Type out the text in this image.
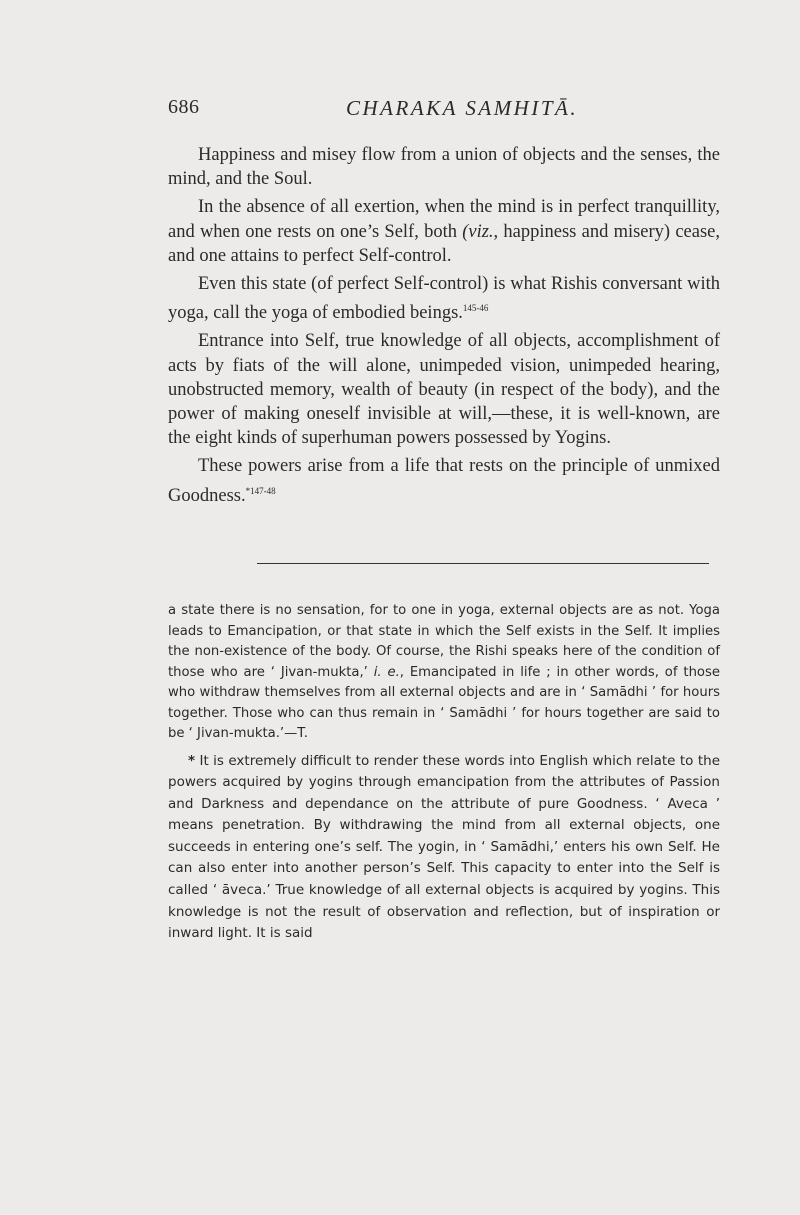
686	CHARAKA SAMHITĀ.

Happiness and misey flow from a union of objects and the senses, the mind, and the Soul.

In the absence of all exertion, when the mind is in perfect tranquillity, and when one rests on one’s Self, both (viz., happiness and misery) cease, and one attains to perfect Self-control.

Even this state (of perfect Self-control) is what Rishis conversant with yoga, call the yoga of embodied beings.$^{145-46}$

Entrance into Self, true knowledge of all objects, accomplishment of acts by fiats of the will alone, unimpeded vision, unimpeded hearing, unobstructed memory, wealth of beauty (in respect of the body), and the power of making oneself invisible at will,—these, it is well-known, are the eight kinds of superhuman powers possessed by Yogins.

These powers arise from a life that rests on the principle of unmixed Goodness.$^{*147-48}$

a state there is no sensation, for to one in yoga, external objects are as not. Yoga leads to Emancipation, or that state in which the Self exists in the Self. It implies the non-existence of the body. Of course, the Rishi speaks here of the condition of those who are ‘ Jivan-mukta,’ i. e., Emancipated in life ; in other words, of those who withdraw themselves from all external objects and are in ‘ Samādhi ’ for hours together. Those who can thus remain in ‘ Samādhi ’ for hours together are said to be ‘ Jivan-mukta.’—T.

* It is extremely difficult to render these words into English which relate to the powers acquired by yogins through emancipation from the attributes of Passion and Darkness and dependance on the attribute of pure Goodness. ‘ Aveca ’ means penetration. By withdrawing the mind from all external objects, one succeeds in entering one’s self. The yogin, in ‘ Samādhi,’ enters his own Self. He can also enter into another person’s Self. This capacity to enter into the Self is called ‘ āveca.’ True knowledge of all external objects is acquired by yogins. This knowledge is not the result of observation and reflection, but of inspiration or inward light. It is said
